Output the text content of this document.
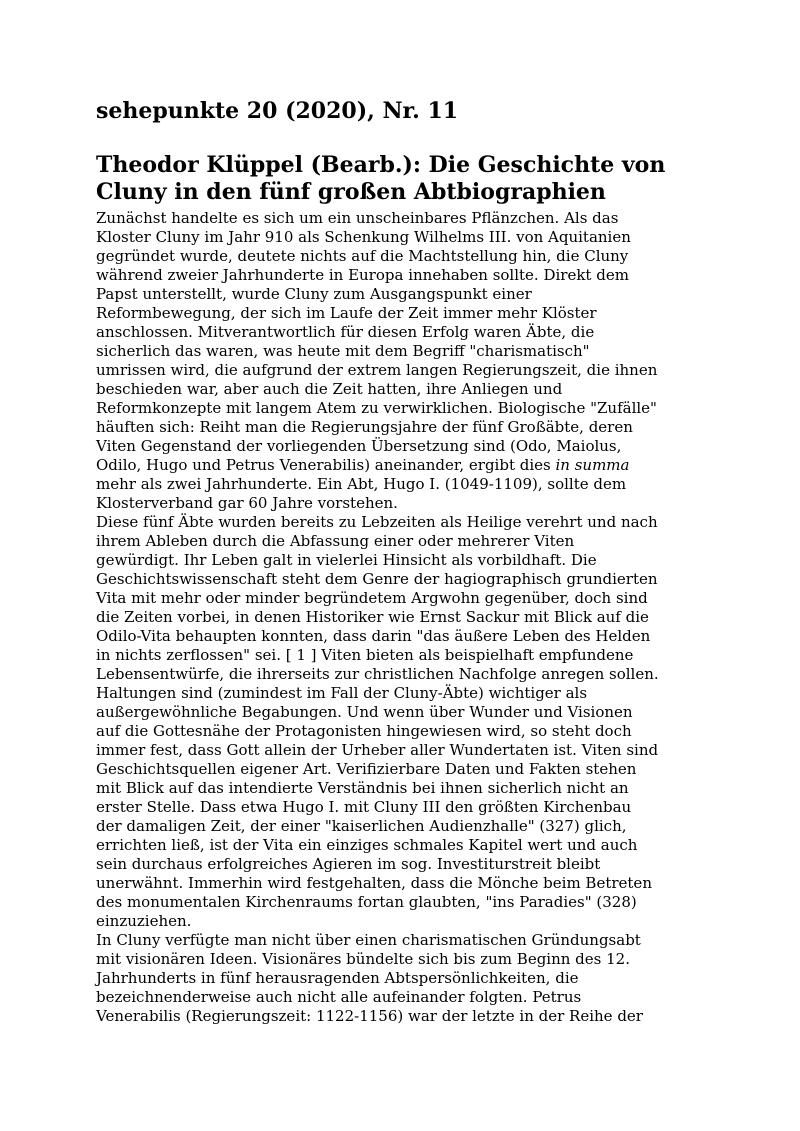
sehepunkte 20 (2020), Nr. 11
Theodor Klüppel (Bearb.): Die Geschichte von
Cluny in den fünf großen Abtbiographien
Zunächst handelte es sich um ein unscheinbares Pflänzchen. Als das
Kloster Cluny im Jahr 910 als Schenkung Wilhelms III. von Aquitanien
gegründet wurde, deutete nichts auf die Machtstellung hin, die Cluny
während zweier Jahrhunderte in Europa innehaben sollte. Direkt dem
Papst unterstellt, wurde Cluny zum Ausgangspunkt einer
Reformbewegung, der sich im Laufe der Zeit immer mehr Klöster
anschlossen. Mitverantwortlich für diesen Erfolg waren Äbte, die
sicherlich das waren, was heute mit dem Begriff "charismatisch"
umrissen wird, die aufgrund der extrem langen Regierungszeit, die ihnen
beschieden war, aber auch die Zeit hatten, ihre Anliegen und
Reformkonzepte mit langem Atem zu verwirklichen. Biologische "Zufälle"
häuften sich: Reiht man die Regierungsjahre der fünf Großäbte, deren
Viten Gegenstand der vorliegenden Übersetzung sind (Odo, Maiolus,
Odilo, Hugo und Petrus Venerabilis) aneinander, ergibt dies in summa
mehr als zwei Jahrhunderte. Ein Abt, Hugo I. (1049-1109), sollte dem
Klosterverband gar 60 Jahre vorstehen.
Diese fünf Äbte wurden bereits zu Lebzeiten als Heilige verehrt und nach
ihrem Ableben durch die Abfassung einer oder mehrerer Viten
gewürdigt. Ihr Leben galt in vielerlei Hinsicht als vorbildhaft. Die
Geschichtswissenschaft steht dem Genre der hagiographisch grundierten
Vita mit mehr oder minder begründetem Argwohn gegenüber, doch sind
die Zeiten vorbei, in denen Historiker wie Ernst Sackur mit Blick auf die
Odilo-Vita behaupten konnten, dass darin "das äußere Leben des Helden
in nichts zerflossen" sei. [ 1 ] Viten bieten als beispielhaft empfundene
Lebensentwürfe, die ihrerseits zur christlichen Nachfolge anregen sollen.
Haltungen sind (zumindest im Fall der Cluny-Äbte) wichtiger als
außergewöhnliche Begabungen. Und wenn über Wunder und Visionen
auf die Gottesnähe der Protagonisten hingewiesen wird, so steht doch
immer fest, dass Gott allein der Urheber aller Wundertaten ist. Viten sind
Geschichtsquellen eigener Art. Verifizierbare Daten und Fakten stehen
mit Blick auf das intendierte Verständnis bei ihnen sicherlich nicht an
erster Stelle. Dass etwa Hugo I. mit Cluny III den größten Kirchenbau
der damaligen Zeit, der einer "kaiserlichen Audienzhalle" (327) glich,
errichten ließ, ist der Vita ein einziges schmales Kapitel wert und auch
sein durchaus erfolgreiches Agieren im sog. Investiturstreit bleibt
unerwähnt. Immerhin wird festgehalten, dass die Mönche beim Betreten
des monumentalen Kirchenraums fortan glaubten, "ins Paradies" (328)
einzuziehen.
In Cluny verfügte man nicht über einen charismatischen Gründungsabt
mit visionären Ideen. Visionäres bündelte sich bis zum Beginn des 12.
Jahrhunderts in fünf herausragenden Abtspersönlichkeiten, die
bezeichnenderweise auch nicht alle aufeinander folgten. Petrus
Venerabilis (Regierungszeit: 1122-1156) war der letzte in der Reihe der
